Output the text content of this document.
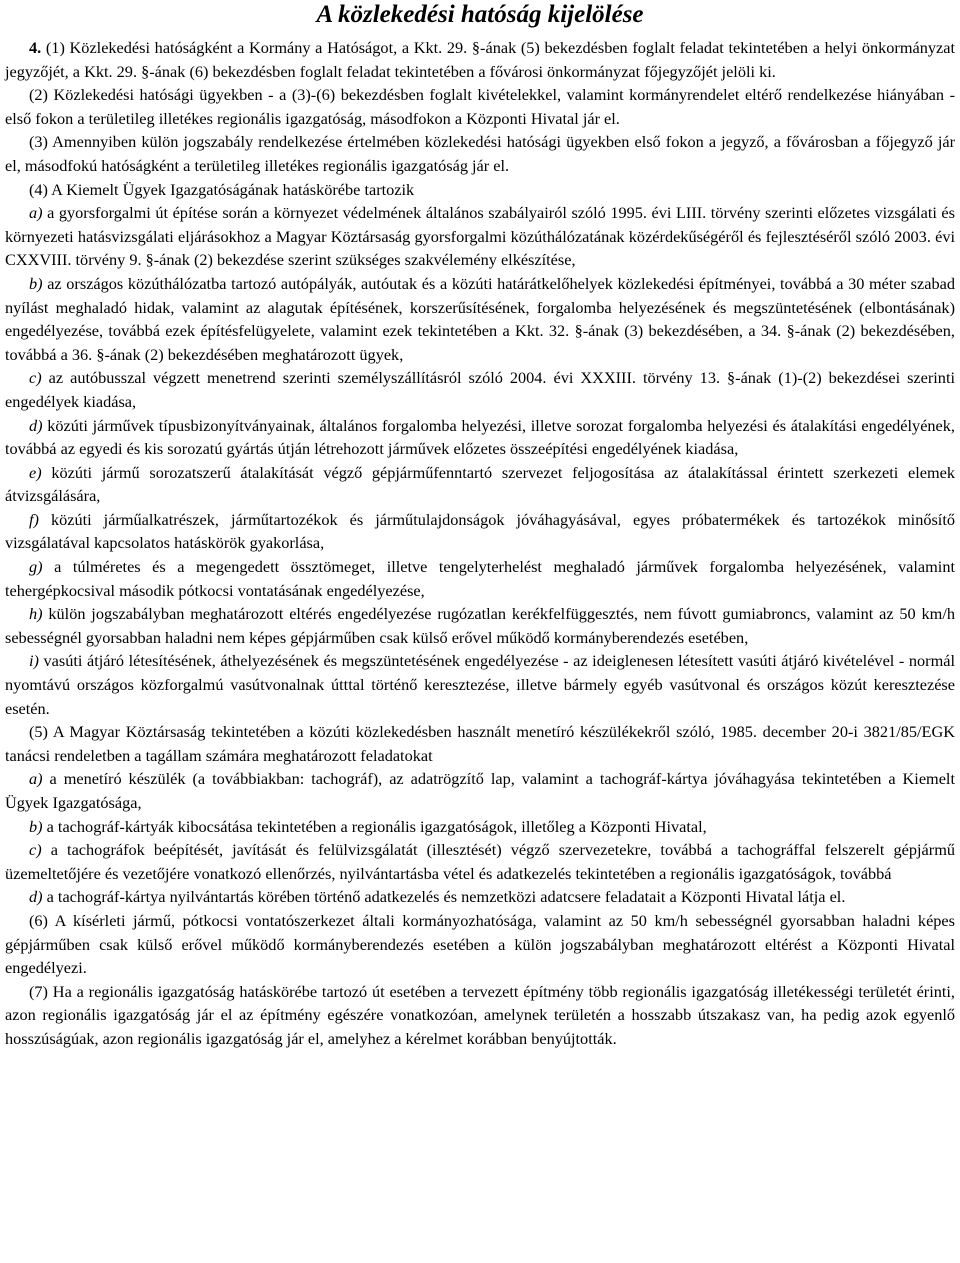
A közlekedési hatóság kijelölése

4. (1) Közlekedési hatóságként a Kormány a Hatóságot, a Kkt. 29. §-ának (5) bekezdésben foglalt feladat tekintetében a helyi önkormányzat jegyzőjét, a Kkt. 29. §-ának (6) bekezdésben foglalt feladat tekintetében a fővárosi önkormányzat főjegyzőjét jelöli ki.

(2) Közlekedési hatósági ügyekben - a (3)-(6) bekezdésben foglalt kivételekkel, valamint kormányrendelet eltérő rendelkezése hiányában - első fokon a területileg illetékes regionális igazgatóság, másodfokon a Központi Hivatal jár el.

(3) Amennyiben külön jogszabály rendelkezése értelmében közlekedési hatósági ügyekben első fokon a jegyző, a fővárosban a főjegyző jár el, másodfokú hatóságként a területileg illetékes regionális igazgatóság jár el.

(4) A Kiemelt Ügyek Igazgatóságának hatáskörébe tartozik

a) a gyorsforgalmi út építése során a környezet védelmének általános szabályairól szóló 1995. évi LIII. törvény szerinti előzetes vizsgálati és környezeti hatásvizsgálati eljárásokhoz a Magyar Köztársaság gyorsforgalmi közúthálózatának közérdekűségéről és fejlesztéséről szóló 2003. évi CXXVIII. törvény 9. §-ának (2) bekezdése szerint szükséges szakvélemény elkészítése,

b) az országos közúthálózatba tartozó autópályák, autóutak és a közúti határátkelőhelyek közlekedési építményei, továbbá a 30 méter szabad nyílást meghaladó hidak, valamint az alagutak építésének, korszerűsítésének, forgalomba helyezésének és megszüntetésének (elbontásának) engedélyezése, továbbá ezek építésfelügyelete, valamint ezek tekintetében a Kkt. 32. §-ának (3) bekezdésében, a 34. §-ának (2) bekezdésében, továbbá a 36. §-ának (2) bekezdésében meghatározott ügyek,

c) az autóbusszal végzett menetrend szerinti személyszállításról szóló 2004. évi XXXIII. törvény 13. §-ának (1)-(2) bekezdései szerinti engedélyek kiadása,

d) közúti járművek típusbizonyítványainak, általános forgalomba helyezési, illetve sorozat forgalomba helyezési és átalakítási engedélyének, továbbá az egyedi és kis sorozatú gyártás útján létrehozott járművek előzetes összeépítési engedélyének kiadása,

e) közúti jármű sorozatszerű átalakítását végző gépjárműfenntartó szervezet feljogosítása az átalakítással érintett szerkezeti elemek átvizsgálására,

f) közúti járműalkatrészek, járműtartozékok és járműtulajdonságok jóváhagyásával, egyes próbatermékek és tartozékok minősítő vizsgálatával kapcsolatos hatáskörök gyakorlása,

g) a túlméretes és a megengedett össztömeget, illetve tengelyterhelést meghaladó járművek forgalomba helyezésének, valamint tehergépkocsival második pótkocsi vontatásának engedélyezése,

h) külön jogszabályban meghatározott eltérés engedélyezése rugózatlan kerékfelfüggesztés, nem fúvott gumiabroncs, valamint az 50 km/h sebességnél gyorsabban haladni nem képes gépjárműben csak külső erővel működő kormányberendezés esetében,

i) vasúti átjáró létesítésének, áthelyezésének és megszüntetésének engedélyezése - az ideiglenesen létesített vasúti átjáró kivételével - normál nyomtávú országos közforgalmú vasútvonalnak útttal történő keresztezése, illetve bármely egyéb vasútvonal és országos közút keresztezése esetén.

(5) A Magyar Köztársaság tekintetében a közúti közlekedésben használt menetíró készülékekről szóló, 1985. december 20-i 3821/85/EGK tanácsi rendeletben a tagállam számára meghatározott feladatokat

a) a menetíró készülék (a továbbiakban: tachográf), az adatrögzítő lap, valamint a tachográf-kártya jóváhagyása tekintetében a Kiemelt Ügyek Igazgatósága,

b) a tachográf-kártyák kibocsátása tekintetében a regionális igazgatóságok, illetőleg a Központi Hivatal,

c) a tachográfok beépítését, javítását és felülvizsgálatát (illesztését) végző szervezetekre, továbbá a tachográffal felszerelt gépjármű üzemeltetőjére és vezetőjére vonatkozó ellenőrzés, nyilvántartásba vétel és adatkezelés tekintetében a regionális igazgatóságok, továbbá

d) a tachográf-kártya nyilvántartás körében történő adatkezelés és nemzetközi adatcsere feladatait a Központi Hivatal látja el.

(6) A kísérleti jármű, pótkocsi vontatószerkezet általi kormányozhatósága, valamint az 50 km/h sebességnél gyorsabban haladni képes gépjárműben csak külső erővel működő kormányberendezés esetében a külön jogszabályban meghatározott eltérést a Központi Hivatal engedélyezi.

(7) Ha a regionális igazgatóság hatáskörébe tartozó út esetében a tervezett építmény több regionális igazgatóság illetékességi területét érinti, azon regionális igazgatóság jár el az építmény egészére vonatkozóan, amelynek területén a hosszabb útszakasz van, ha pedig azok egyenlő hosszúságúak, azon regionális igazgatóság jár el, amelyhez a kérelmet korábban benyújtották.
